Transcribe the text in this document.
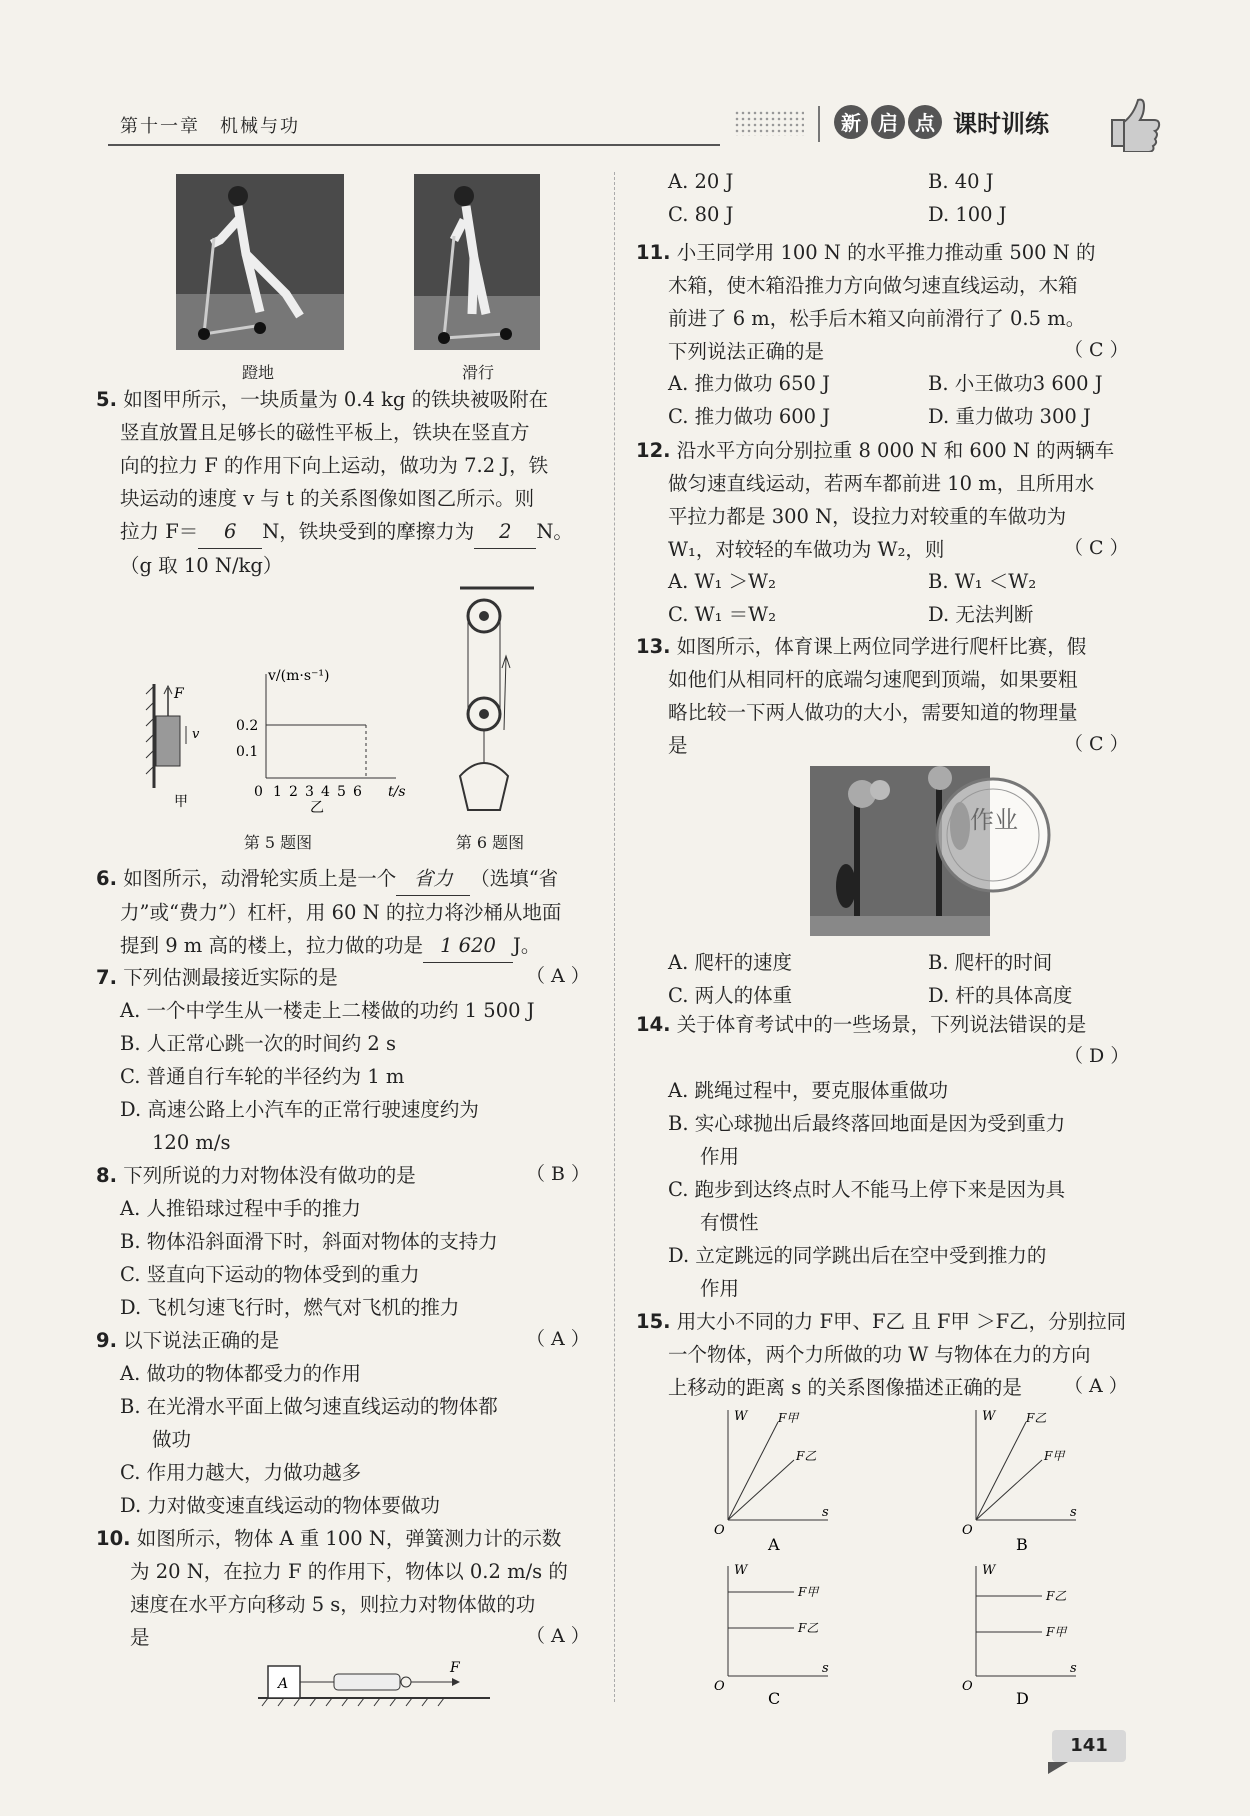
第十一章　机械与功	新 启 点 课时训练
蹬地	滑行
5. 如图甲所示，一块质量为 0.4 kg 的铁块被吸附在
竖直放置且足够长的磁性平板上，铁块在竖直方
向的拉力 F 的作用下向上运动，做功为 7.2 J，铁
块运动的速度 v 与 t 的关系图像如图乙所示。则
拉力 F＝ 6 N，铁块受到的摩擦力为 2 N。
（g 取 10 N/kg）
F
v
甲
v/(m·s⁻¹)
t/s
0.2
0.1
0 1 2 3 4 5 6
乙
第 5 题图	第 6 题图
6. 如图所示，动滑轮实质上是一个 省力 （选填“省
力”或“费力”）杠杆，用 60 N 的拉力将沙桶从地面
提到 9 m 高的楼上，拉力做的功是 1 620 J。
7. 下列估测最接近实际的是
A. 一个中学生从一楼走上二楼做的功约 1 500 J
B. 人正常心跳一次的时间约 2 s
C. 普通自行车轮的半径约为 1 m
D. 高速公路上小汽车的正常行驶速度约为
120 m/s
（ A ）
8. 下列所说的力对物体没有做功的是
A. 人推铅球过程中手的推力
B. 物体沿斜面滑下时，斜面对物体的支持力
C. 竖直向下运动的物体受到的重力
D. 飞机匀速飞行时，燃气对飞机的推力
（ B ）
9. 以下说法正确的是
A. 做功的物体都受力的作用
B. 在光滑水平面上做匀速直线运动的物体都
做功
C. 作用力越大，力做功越多
D. 力对做变速直线运动的物体要做功
（ A ）
10. 如图所示，物体 A 重 100 N，弹簧测力计的示数
为 20 N，在拉力 F 的作用下，物体以 0.2 m/s 的
速度在水平方向移动 5 s，则拉力对物体做的功
是	（ A ）
A
F
A. 20 J	B. 40 J
C. 80 J	D. 100 J
11. 小王同学用 100 N 的水平推力推动重 500 N 的
木箱，使木箱沿推力方向做匀速直线运动，木箱
前进了 6 m，松手后木箱又向前滑行了 0.5 m。
下列说法正确的是	（ C ）
A. 推力做功 650 J	B. 小王做功3 600 J
C. 推力做功 600 J	D. 重力做功 300 J
12. 沿水平方向分别拉重 8 000 N 和 600 N 的两辆车
做匀速直线运动，若两车都前进 10 m，且所用水
平拉力都是 300 N，设拉力对较重的车做功为
W₁，对较轻的车做功为 W₂，则	（ C ）
A. W₁ ＞W₂	B. W₁ ＜W₂
C. W₁ ＝W₂	D. 无法判断
13. 如图所示，体育课上两位同学进行爬杆比赛，假
如他们从相同杆的底端匀速爬到顶端，如果要粗
略比较一下两人做功的大小，需要知道的物理量
是	（ C ）
作业
A. 爬杆的速度	B. 爬杆的时间
C. 两人的体重	D. 杆的具体高度
14. 关于体育考试中的一些场景，下列说法错误的是
A. 跳绳过程中，要克服体重做功
B. 实心球抛出后最终落回地面是因为受到重力
作用
C. 跑步到达终点时人不能马上停下来是因为具
有惯性
D. 立定跳远的同学跳出后在空中受到推力的
作用
（ D ）
15. 用大小不同的力 F甲、F乙 且 F甲 ＞F乙，分别拉同
一个物体，两个力所做的功 W 与物体在力的方向
上移动的距离 s 的关系图像描述正确的是	（ A ）
W
s
O
F甲
F乙
A
W
s
O
F乙
F甲
B
W
s
O
F甲
F乙
C
W
s
O
F乙
F甲
D
141
